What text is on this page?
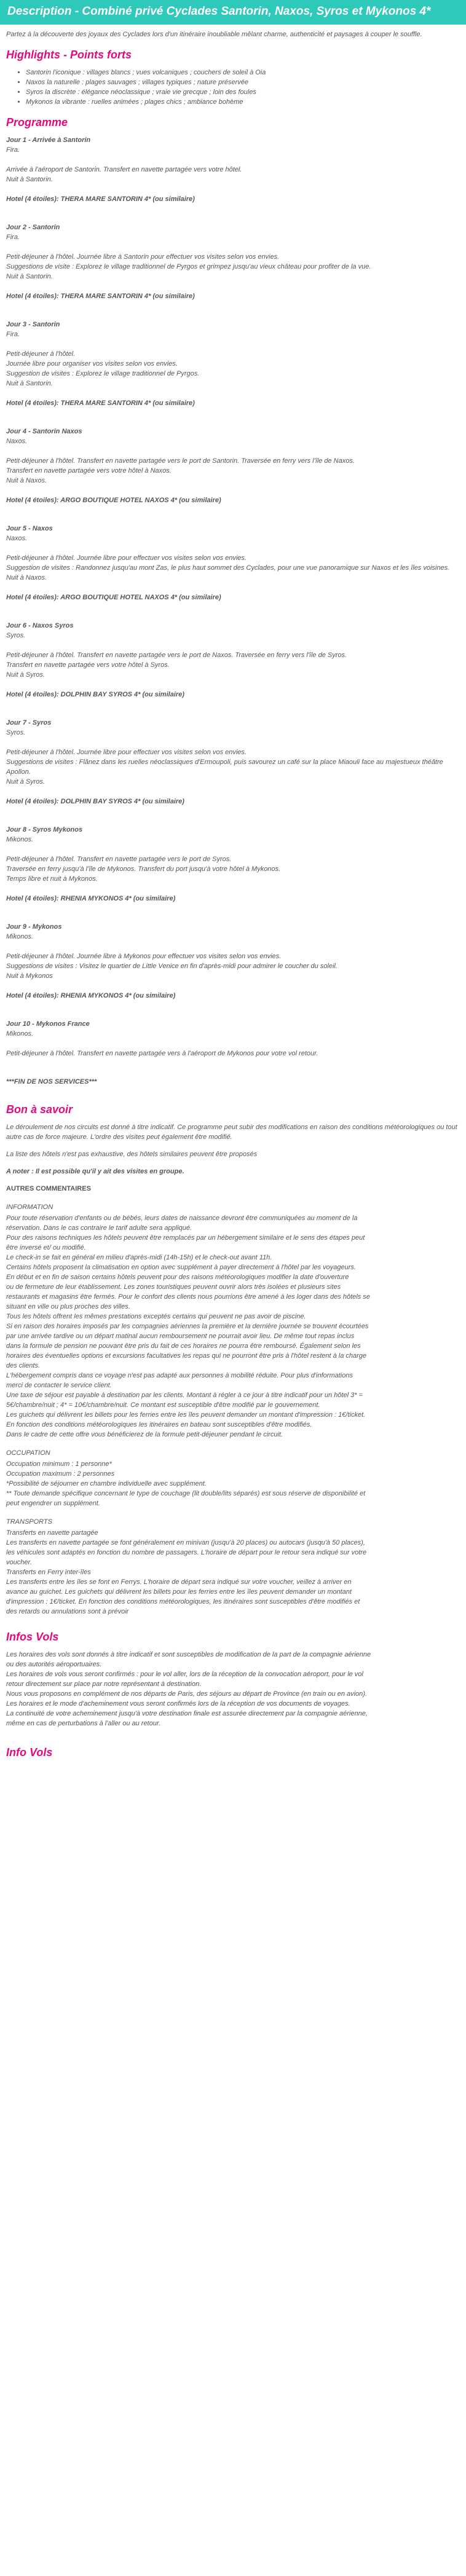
Description - Combiné privé Cyclades Santorin, Naxos, Syros et Mykonos 4*

Partez à la découverte des joyaux des Cyclades lors d'un itinéraire inoubliable mêlant charme, authenticité et paysages à couper le souffle.

Highlights - Points forts
• Santorin l'iconique : villages blancs ; vues volcaniques ; couchers de soleil à Oia
• Naxos la naturelle : plages sauvages ; villages typiques ; nature préservée
• Syros la discrète : élégance néoclassique ; vraie vie grecque ; loin des foules
• Mykonos la vibrante : ruelles animées ; plages chics ; ambiance bohème
Programme

Jour 1 - Arrivée à Santorin

Fira.

Arrivée à l'aéroport de Santorin. Transfert en navette partagée vers votre hôtel.
Nuit à Santorin.

Hotel (4 étoiles): THERA MARE SANTORIN 4* (ou similaire)

Jour 2 - Santorin

Fira.

Petit-déjeuner à l'hôtel. Journée libre à Santorin pour effectuer vos visites selon vos envies.
Suggestions de visite : Explorez le village traditionnel de Pyrgos et grimpez jusqu'au vieux château pour profiter de la vue.
Nuit à Santorin.

Hotel (4 étoiles): THERA MARE SANTORIN 4* (ou similaire)

Jour 3 - Santorin

Fira.

Petit-déjeuner à l'hôtel.
Journée libre pour organiser vos visites selon vos envies.
Suggestion de visites : Explorez le village traditionnel de Pyrgos.
Nuit à Santorin.

Hotel (4 étoiles): THERA MARE SANTORIN 4* (ou similaire)

Jour 4 - Santorin Naxos

Naxos.

Petit-déjeuner à l'hôtel. Transfert en navette partagée vers le port de Santorin. Traversée en ferry vers l'île de Naxos.
Transfert en navette partagée vers votre hôtel à Naxos.
Nuit à Naxos.

Hotel (4 étoiles): ARGO BOUTIQUE HOTEL NAXOS 4* (ou similaire)

Jour 5 - Naxos

Naxos.

Petit-déjeuner à l'hôtel. Journée libre pour effectuer vos visites selon vos envies.
Suggestion de visites : Randonnez jusqu'au mont Zas, le plus haut sommet des Cyclades, pour une vue panoramique sur Naxos et les îles voisines.
Nuit à Naxos.

Hotel (4 étoiles): ARGO BOUTIQUE HOTEL NAXOS 4* (ou similaire)

Jour 6 - Naxos Syros

Syros.

Petit-déjeuner à l'hôtel. Transfert en navette partagée vers le port de Naxos. Traversée en ferry vers l'île de Syros.
Transfert en navette partagée vers votre hôtel à Syros.
Nuit à Syros.

Hotel (4 étoiles): DOLPHIN BAY SYROS 4* (ou similaire)

Jour 7 - Syros

Syros.

Petit-déjeuner à l'hôtel. Journée libre pour effectuer vos visites selon vos envies.
Suggestions de visites : Flânez dans les ruelles néoclassiques d'Ermoupoli, puis savourez un café sur la place Miaouli face au majestueux théâtre Apollon.
Nuit à Syros.

Hotel (4 étoiles): DOLPHIN BAY SYROS 4* (ou similaire)

Jour 8 - Syros Mykonos

Mikonos.

Petit-déjeuner à l'hôtel. Transfert en navette partagée vers le port de Syros.
Traversée en ferry jusqu'à l'île de Mykonos. Transfert du port jusqu'à votre hôtel à Mykonos.
Temps libre et nuit à Mykonos.

Hotel (4 étoiles): RHENIA MYKONOS 4* (ou similaire)

Jour 9 - Mykonos

Mikonos.

Petit-déjeuner à l'hôtel. Journée libre à Mykonos pour effectuer vos visites selon vos envies.
Suggestions de visites : Visitez le quartier de Little Venice en fin d'après-midi pour admirer le coucher du soleil.
Nuit à Mykonos

Hotel (4 étoiles): RHENIA MYKONOS 4* (ou similaire)

Jour 10 - Mykonos France

Mikonos.

Petit-déjeuner à l'hôtel. Transfert en navette partagée vers à l'aéroport de Mykonos pour votre vol retour.

***FIN DE NOS SERVICES***

Bon à savoir

Le déroulement de nos circuits est donné à titre indicatif. Ce programme peut subir des modifications en raison des conditions météorologiques ou tout autre cas de force majeure. L'ordre des visites peut également être modifié.

La liste des hôtels n'est pas exhaustive, des hôtels similaires peuvent être proposés

A noter : Il est possible qu'il y ait des visites en groupe.

AUTRES COMMENTAIRES
INFORMATION
Pour toute réservation d'enfants ou de bébés, leurs dates de naissance devront être communiquées au moment de la
réservation. Dans le cas contraire le tarif adulte sera appliqué.
Pour des raisons techniques les hôtels peuvent être remplacés par un hébergement similaire et le sens des étapes peut
être inversé et/ ou modifié.
Le check-in se fait en général en milieu d'après-midi (14h-15h) et le check-out avant 11h.
Certains hôtels proposent la climatisation en option avec supplément à payer directement à l'hôtel par les voyageurs.
En début et en fin de saison certains hôtels peuvent pour des raisons météorologiques modifier la date d'ouverture
ou de fermeture de leur établissement. Les zones touristiques peuvent ouvrir alors très isolées et plusieurs sites
restaurants et magasins être fermés. Pour le confort des clients nous pourrions être amené à les loger dans des hôtels se
situant en ville ou plus proches des villes.
Tous les hôtels offrent les mêmes prestations exceptés certains qui peuvent ne pas avoir de piscine.
Si en raison des horaires imposés par les compagnies aériennes la première et la dernière journée se trouvent écourtées
par une arrivée tardive ou un départ matinal aucun remboursement ne pourrait avoir lieu. De même tout repas inclus
dans la formule de pension ne pouvant être pris du fait de ces horaires ne pourra être remboursé. Également selon les
horaires des éventuelles options et excursions facultatives les repas qui ne pourront être pris à l'hôtel restent à la charge
des clients.
L'hébergement compris dans ce voyage n'est pas adapté aux personnes à mobilité réduite. Pour plus d'informations
merci de contacter le service client.
Une taxe de séjour est payable à destination par les clients. Montant à régler à ce jour à titre indicatif pour un hôtel 3* =
5€/chambre/nuit ; 4* = 10€/chambre/nuit. Ce montant est susceptible d'être modifié par le gouvernement.
Les guichets qui délivrent les billets pour les ferries entre les îles peuvent demander un montant d'impression : 1€/ticket.
En fonction des conditions météorologiques les itinéraires en bateau sont susceptibles d'être modifiés.
Dans le cadre de cette offre vous bénéficierez de la formule petit-déjeuner pendant le circuit.
OCCUPATION
Occupation minimum : 1 personne*
Occupation maximum : 2 personnes
*Possibilité de séjourner en chambre individuelle avec supplément.
** Toute demande spécifique concernant le type de couchage (lit double/lits séparés) est sous réserve de disponibilité et
peut engendrer un supplément.
TRANSPORTS
Transferts en navette partagée
Les transferts en navette partagée se font généralement en minivan (jusqu'à 20 places) ou autocars (jusqu'à 50 places),
les véhicules sont adaptés en fonction du nombre de passagers. L'horaire de départ pour le retour sera indiqué sur votre
voucher.
Transferts en Ferry inter-îles
Les transferts entre les îles se font en Ferrys. L'horaire de départ sera indiqué sur votre voucher, veillez à arriver en
avance au guichet. Les guichets qui délivrent les billets pour les ferries entre les îles peuvent demander un montant
d'impression : 1€/ticket. En fonction des conditions météorologiques, les itinéraires sont susceptibles d'être modifiés et
des retards ou annulations sont à prévoir
Infos Vols
Les horaires des vols sont donnés à titre indicatif et sont susceptibles de modification de la part de la compagnie aérienne
ou des autorités aéroportuaires.
Les horaires de vols vous seront confirmés : pour le vol aller, lors de la réception de la convocation aéroport, pour le vol
retour directement sur place par notre représentant à destination.
Nous vous proposons en complément de nos départs de Paris, des séjours au départ de Province (en train ou en avion).
Les horaires et le mode d'acheminement vous seront confirmés lors de la réception de vos documents de voyages.
La continuité de votre acheminement jusqu'à votre destination finale est assurée directement par la compagnie aérienne,
même en cas de perturbations à l'aller ou au retour.
Info Vols
